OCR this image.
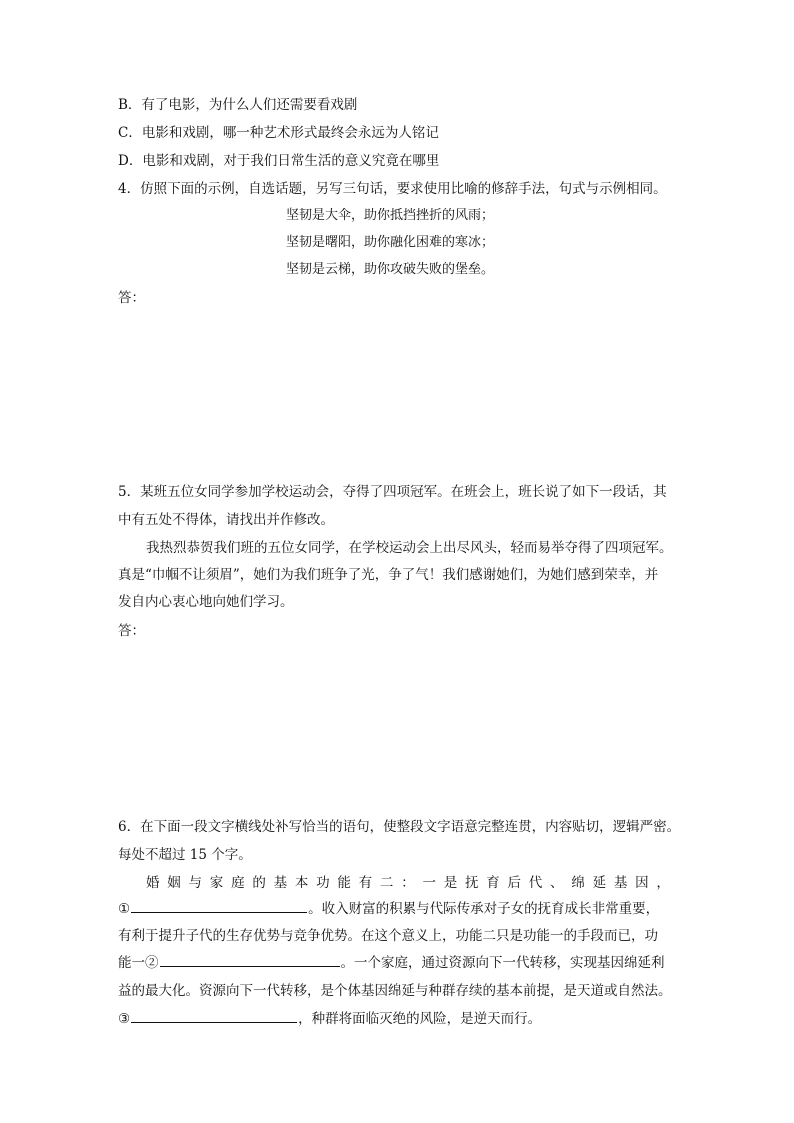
B．有了电影，为什么人们还需要看戏剧
C．电影和戏剧，哪一种艺术形式最终会永远为人铭记
D．电影和戏剧，对于我们日常生活的意义究竟在哪里
4．仿照下面的示例，自选话题，另写三句话，要求使用比喻的修辞手法，句式与示例相同。
坚韧是大伞，助你抵挡挫折的风雨；
坚韧是曙阳，助你融化困难的寒冰；
坚韧是云梯，助你攻破失败的堡垒。
答：
5．某班五位女同学参加学校运动会，夺得了四项冠军。在班会上，班长说了如下一段话，其
中有五处不得体，请找出并作修改。
我热烈恭贺我们班的五位女同学，在学校运动会上出尽风头，轻而易举夺得了四项冠军。
真是“巾帼不让须眉”，她们为我们班争了光，争了气！我们感谢她们，为她们感到荣幸，并
发自内心衷心地向她们学习。
答：
6．在下面一段文字横线处补写恰当的语句，使整段文字语意完整连贯，内容贴切，逻辑严密。
每处不超过 15 个字。
婚 姻 与 家 庭 的 基 本 功 能 有 二 ： 一 是 抚 育 后 代 、 绵 延 基 因 ，
①	。收入财富的积累与代际传承对子女的抚育成长非常重要，
有利于提升子代的生存优势与竞争优势。在这个意义上，功能二只是功能一的手段而已，功
能一②	。一个家庭，通过资源向下一代转移，实现基因绵延利
益的最大化。资源向下一代转移，是个体基因绵延与种群存续的基本前提，是天道或自然法。
③	，种群将面临灭绝的风险，是逆天而行。
